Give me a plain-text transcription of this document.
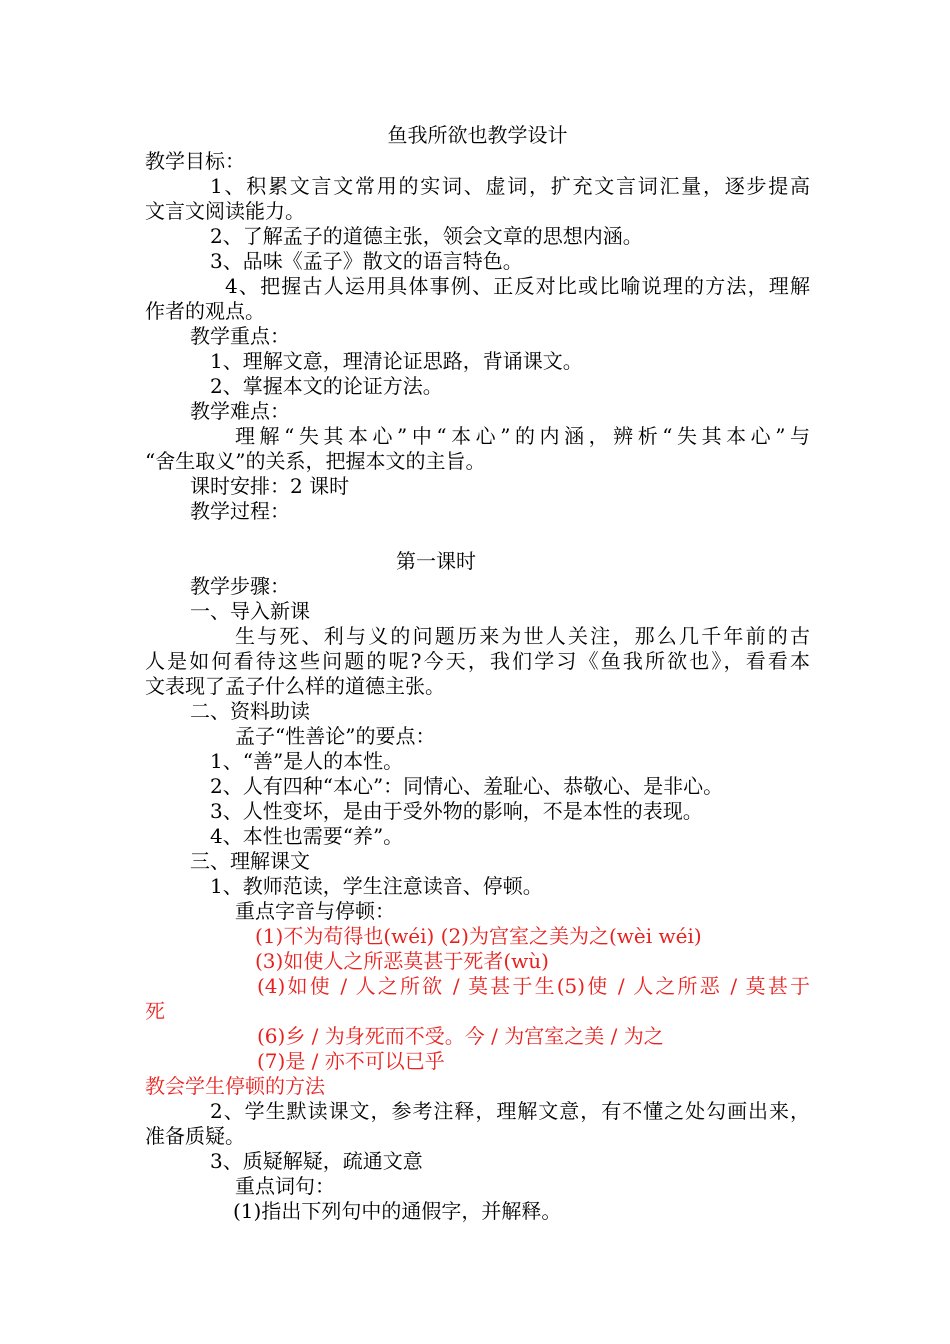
鱼我所欲也教学设计
教学目标：
1、积累文言文常用的实词、虚词，扩充文言词汇量，逐步提高
文言文阅读能力。
2、了解孟子的道德主张，领会文章的思想内涵。
3、品味《孟子》散文的语言特色。
4、把握古人运用具体事例、正反对比或比喻说理的方法，理解
作者的观点。
教学重点：
1、理解文意，理清论证思路，背诵课文。
2、掌握本文的论证方法。
教学难点：
理解“失其本心”中“本心”的内涵，辨析“失其本心”与
“舍生取义”的关系，把握本文的主旨。
课时安排：2 课时
教学过程：
第一课时
教学步骤：
一、导入新课
生与死、利与义的问题历来为世人关注，那么几千年前的古
人是如何看待这些问题的呢?今天，我们学习《鱼我所欲也》，看看本
文表现了孟子什么样的道德主张。
二、资料助读
孟子“性善论”的要点：
1、“善”是人的本性。
2、人有四种“本心”：同情心、羞耻心、恭敬心、是非心。
3、人性变坏，是由于受外物的影响，不是本性的表现。
4、本性也需要“养”。
三、理解课文
1、教师范读，学生注意读音、停顿。
重点字音与停顿：
(1)不为苟得也(wéi) (2)为宫室之美为之(wèi wéi)
(3)如使人之所恶莫甚于死者(wù)
(4)如使 / 人之所欲 / 莫甚于生(5)使 / 人之所恶 / 莫甚于
死
(6)乡 / 为身死而不受。今 / 为宫室之美 / 为之
(7)是 / 亦不可以已乎
教会学生停顿的方法
2、学生默读课文，参考注释，理解文意，有不懂之处勾画出来，
准备质疑。
3、质疑解疑，疏通文意
重点词句：
(1)指出下列句中的通假字，并解释。
